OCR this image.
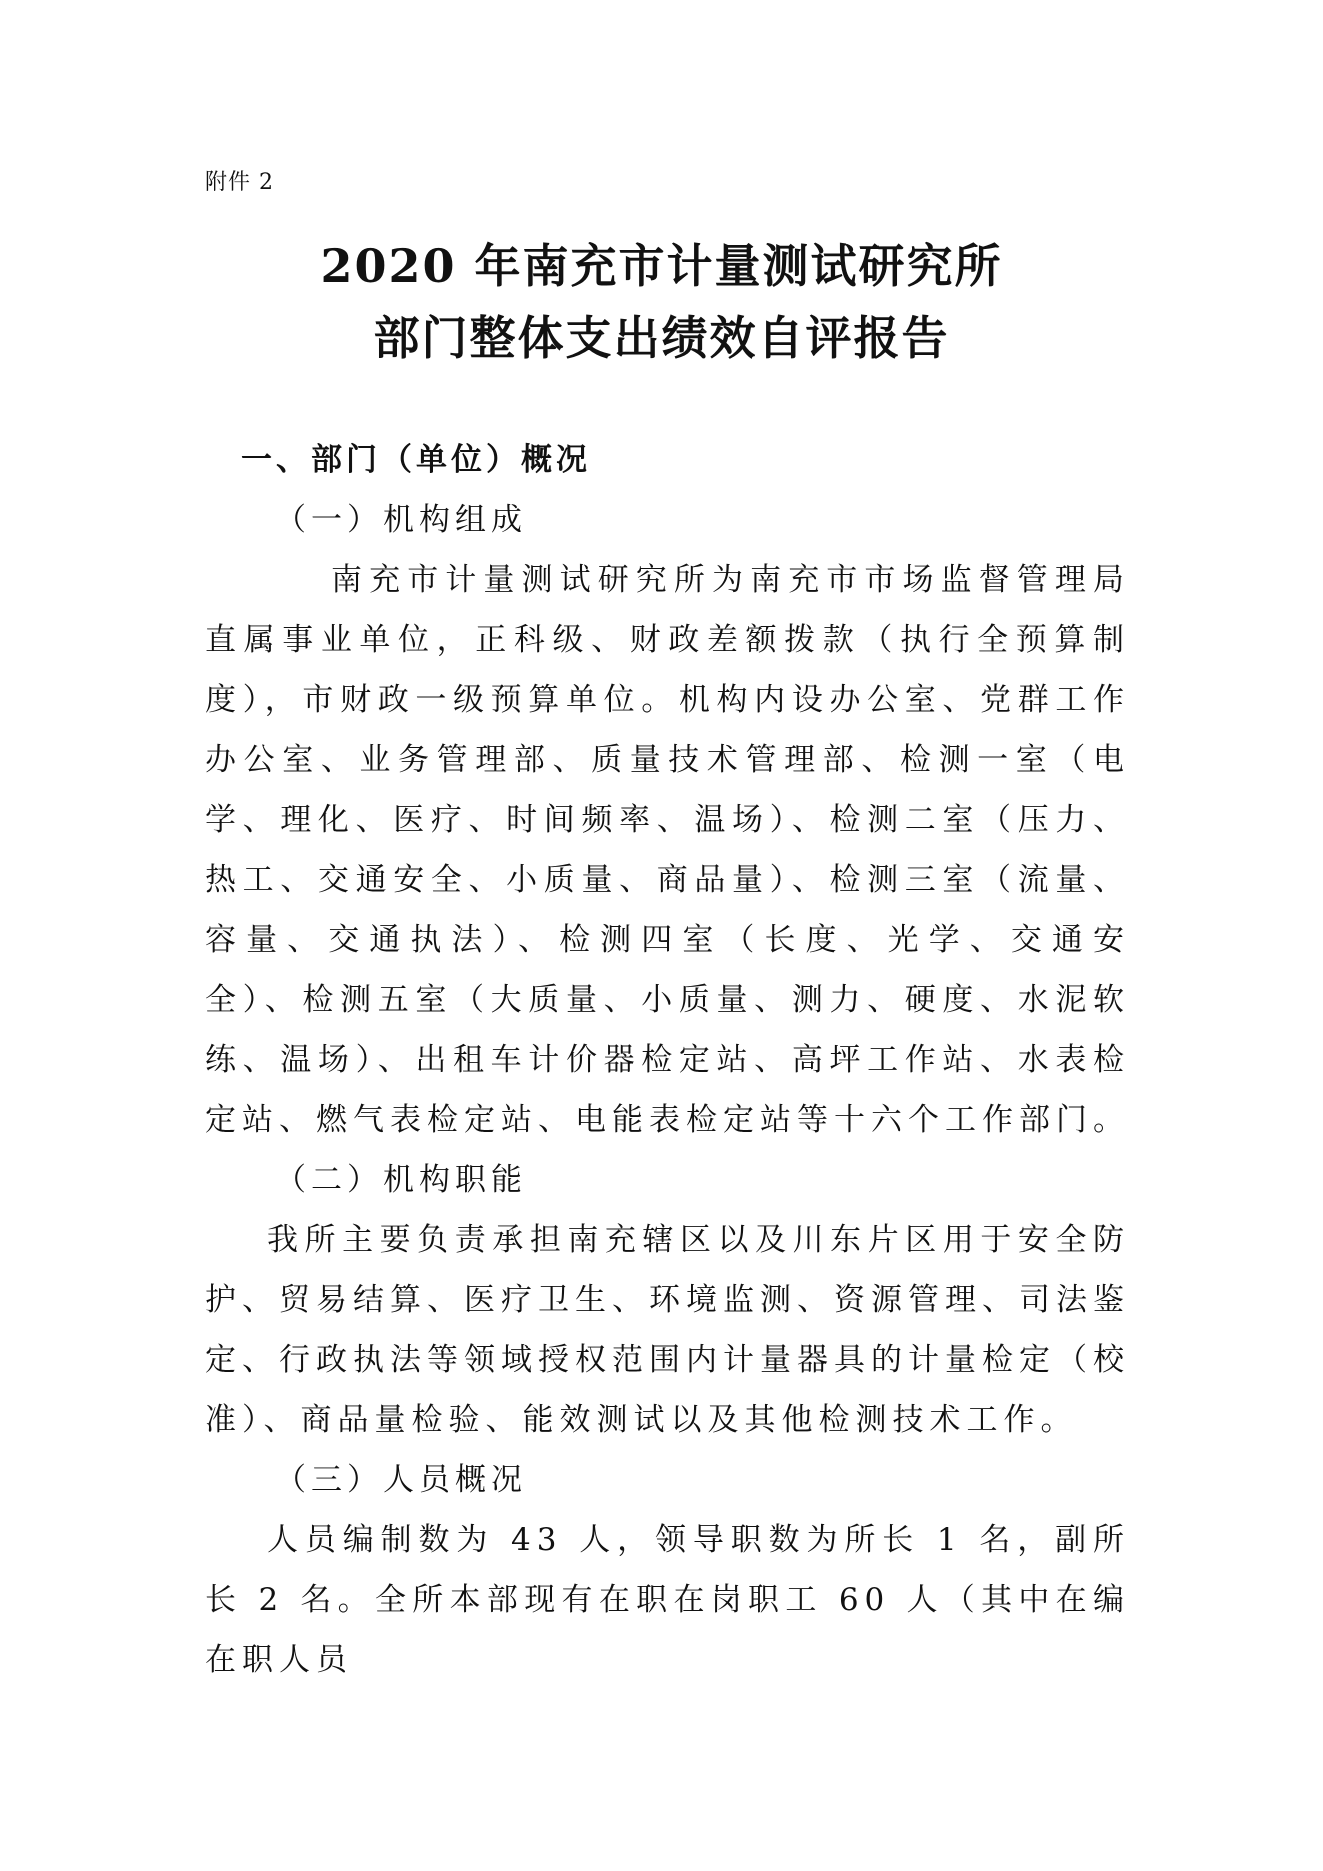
附件 2
2020 年南充市计量测试研究所
部门整体支出绩效自评报告
一、部门（单位）概况
（一）机构组成
南充市计量测试研究所为南充市市场监督管理局直属事业单位，正科级、财政差额拨款（执行全预算制度），市财政一级预算单位。机构内设办公室、党群工作办公室、业务管理部、质量技术管理部、检测一室（电学、理化、医疗、时间频率、温场）、检测二室（压力、热工、交通安全、小质量、商品量）、检测三室（流量、容量、交通执法）、检测四室（长度、光学、交通安全）、检测五室（大质量、小质量、测力、硬度、水泥软练、温场）、出租车计价器检定站、高坪工作站、水表检定站、燃气表检定站、电能表检定站等十六个工作部门。
（二）机构职能
我所主要负责承担南充辖区以及川东片区用于安全防护、贸易结算、医疗卫生、环境监测、资源管理、司法鉴定、行政执法等领域授权范围内计量器具的计量检定（校准）、商品量检验、能效测试以及其他检测技术工作。
（三）人员概况
人员编制数为 43 人，领导职数为所长 1 名，副所长 2 名。全所本部现有在职在岗职工 60 人（其中在编在职人员
